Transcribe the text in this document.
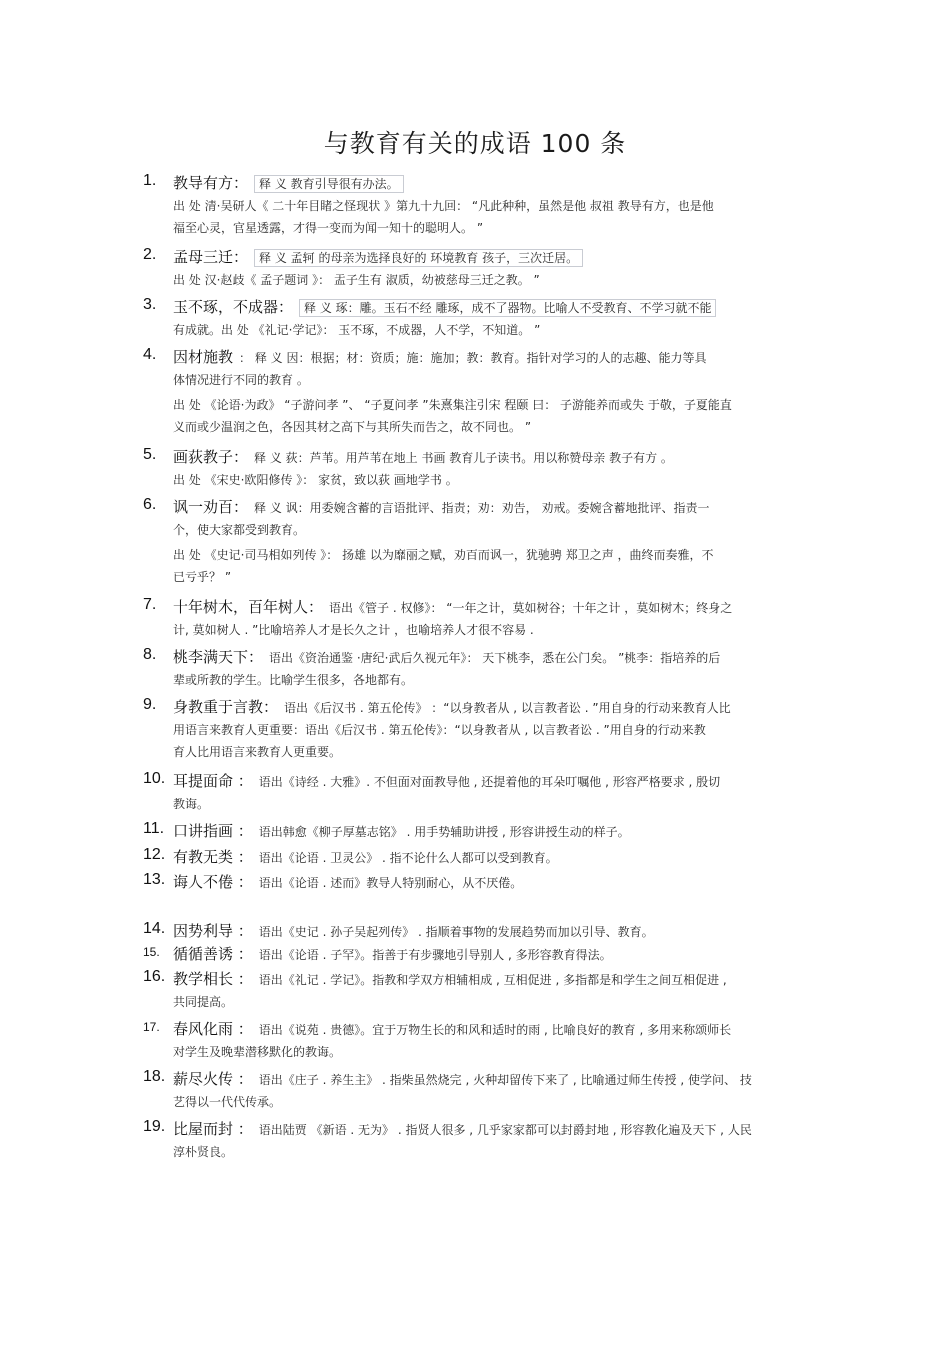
与教育有关的成语 100 条
1.	教导有方： 释 义 教育引导很有办法。
出 处 清·吴研人《 二十年目睹之怪现状 》第九十九回： “凡此种种，虽然是他 叔祖 教导有方，也是他
福至心灵，官星透露，才得一变而为闻一知十的聪明人。 ”
2.	孟母三迁： 释 义 孟轲 的母亲为选择良好的 环境教育 孩子，三次迁居。
出 处 汉·赵歧《 孟子题词 》： 盂子生有 淑质，幼被慈母三迁之教。 ”
3.	玉不琢，不成器： 释 义 琢：雕。玉石不经 雕琢，成不了器物。比喻人不受教育、不学习就不能
有成就。出 处 《礼记·学记》： 玉不琢，不成器，人不学，不知道。 ”
4.	因材施教 ： 释 义 因：根据；材：资质；施：施加；教：教育。指针对学习的人的志趣、能力等具
体情况进行不同的教育 。
出 处 《论语·为政》 “子游问孝 ”、 “子夏问孝 ”朱熹集注引宋 程颐 曰： 子游能养而或失 于敬，子夏能直
义而或少温润之色，各因其材之高下与其所失而告之，故不同也。 ”
5.	画荻教子： 释 义 荻：芦苇。用芦苇在地上 书画 教育儿子读书。用以称赞母亲 教子有方 。
出 处 《宋史·欧阳修传 》： 家贫，致以荻 画地学书 。
6.	讽一劝百： 释 义 讽：用委婉含蓄的言语批评、指责；劝：劝告， 劝戒。委婉含蓄地批评、指责一
个，使大家都受到教育。
出 处 《史记·司马相如列传 》： 扬雄 以为靡丽之赋，劝百而讽一，犹驰骋 郑卫之声 ，曲终而奏雅，不
已亏乎？ ”
7.	十年树木，百年树人： 语出《管子 . 权修》： “一年之计，莫如树谷；十年之计 ，莫如树木；终身之
计, 莫如树人 . ”比喻培养人才是长久之计 ，也喻培养人才很不容易 .
8.	桃李满天下： 语出《资治通鉴 ·唐纪·武后久视元年》： 天下桃李，悉在公门矣。 ”桃李：指培养的后
辈或所教的学生。比喻学生很多，各地都有。
9.	身教重于言教： 语出《后汉书 . 第五伦传》 ：“以身教者从 , 以言教者讼 . ”用自身的行动来教育人比
用语言来教育人更重要：语出《后汉书 . 第五伦传》：“以身教者从 , 以言教者讼 . ”用自身的行动来教
育人比用语言来教育人更重要。
10. 耳提面命 ： 语出《诗经 . 大雅》. 不但面对面教导他 , 还提着他的耳朵叮嘱他 , 形容严格要求 , 殷切
教诲。
11. 口讲指画 ： 语出韩愈《柳子厚墓志铭》 . 用手势辅助讲授 , 形容讲授生动的样子。
12. 有教无类 ： 语出《论语 . 卫灵公》 . 指不论什么人都可以受到教育。
13. 诲人不倦 ： 语出《论语 . 述而》教导人特别耐心，从不厌倦。
14. 因势利导 ： 语出《史记 . 孙子吴起列传》 . 指顺着事物的发展趋势而加以引导、教育。
15. 循循善诱 ： 语出《论语 . 子罕》。指善于有步骤地引导别人 , 多形容教育得法。
16. 教学相长 ： 语出《礼记 . 学记》。指教和学双方相辅相成 , 互相促进 , 多指都是和学生之间互相促进 ,
共同提高。
17. 春风化雨 ： 语出《说苑 . 贵德》。宜于万物生长的和风和适时的雨 , 比喻良好的教育 , 多用来称颂师长
对学生及晚辈潜移默化的教诲。
18. 薪尽火传 ： 语出《庄子 . 养生主》 . 指柴虽然烧完 , 火种却留传下来了 , 比喻通过师生传授 , 使学问、 技
艺得以一代代传承。
19. 比屋而封 ： 语出陆贾 《新语 . 无为》 . 指贤人很多 , 几乎家家都可以封爵封地 , 形容教化遍及天下 , 人民
淳朴贤良。
